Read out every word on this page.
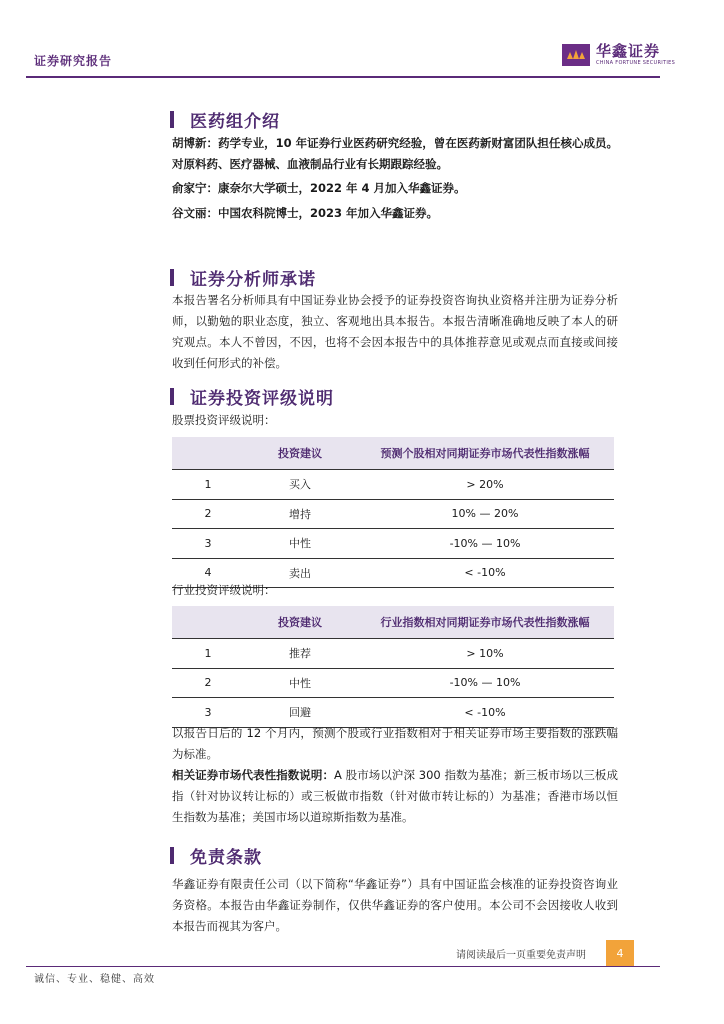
证券研究报告
华鑫证券
CHINA FORTUNE SECURITIES
医药组介绍
胡博新：药学专业，10 年证券行业医药研究经验，曾在医药新财富团队担任核心成员。对原料药、医疗器械、血液制品行业有长期跟踪经验。
俞家宁：康奈尔大学硕士，2022 年 4 月加入华鑫证券。
谷文丽：中国农科院博士，2023 年加入华鑫证券。
证券分析师承诺
本报告署名分析师具有中国证券业协会授予的证券投资咨询执业资格并注册为证券分析师，以勤勉的职业态度，独立、客观地出具本报告。本报告清晰准确地反映了本人的研究观点。本人不曾因，不因，也将不会因本报告中的具体推荐意见或观点而直接或间接收到任何形式的补偿。
证券投资评级说明
股票投资评级说明：
	投资建议	预测个股相对同期证券市场代表性指数涨幅
1	买入	> 20%
2	增持	10% — 20%
3	中性	-10% — 10%
4	卖出	< -10%
行业投资评级说明：
	投资建议	行业指数相对同期证券市场代表性指数涨幅
1	推荐	> 10%
2	中性	-10% — 10%
3	回避	< -10%
以报告日后的 12 个月内，预测个股或行业指数相对于相关证券市场主要指数的涨跌幅为标准。
相关证券市场代表性指数说明：A 股市场以沪深 300 指数为基准；新三板市场以三板成指（针对协议转让标的）或三板做市指数（针对做市转让标的）为基准；香港市场以恒生指数为基准；美国市场以道琼斯指数为基准。
免责条款
华鑫证券有限责任公司（以下简称“华鑫证券”）具有中国证监会核准的证券投资咨询业务资格。本报告由华鑫证券制作，仅供华鑫证券的客户使用。本公司不会因接收人收到本报告而视其为客户。
请阅读最后一页重要免责声明	4
诚信、专业、稳健、高效
